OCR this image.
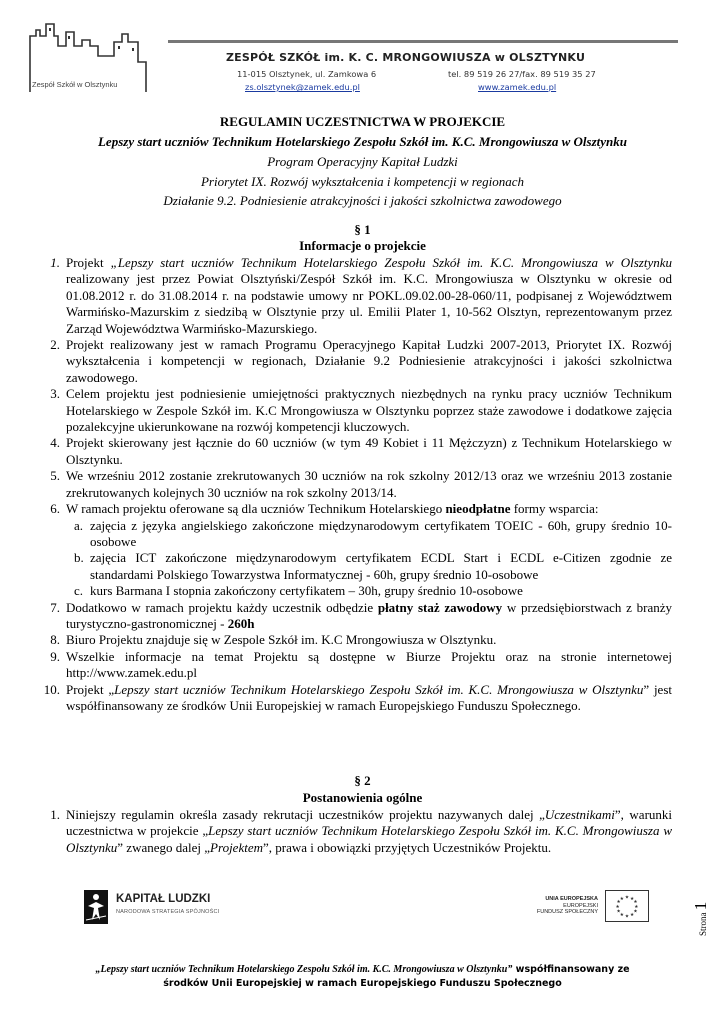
Zespół Szkół w Olsztynku
ZESPÓŁ SZKÓŁ im. K. C. MRONGOWIUSZA w OLSZTYNKU
11-015 Olsztynek, ul. Zamkowa 6	tel. 89 519 26 27/fax. 89 519 35 27
zs.olsztynek@zamek.edu.pl	www.zamek.edu.pl
REGULAMIN UCZESTNICTWA W PROJEKCIE
Lepszy start uczniów Technikum Hotelarskiego Zespołu Szkół im. K.C. Mrongowiusza w Olsztynku
Program Operacyjny Kapitał Ludzki
Priorytet IX. Rozwój wykształcenia i kompetencji w regionach
Działanie 9.2. Podniesienie atrakcyjności i jakości szkolnictwa zawodowego
§ 1
Informacje o projekcie
1. Projekt „Lepszy start uczniów Technikum Hotelarskiego Zespołu Szkół im. K.C. Mrongowiusza w Olsztynku realizowany jest przez Powiat Olsztyński/Zespół Szkół im. K.C. Mrongowiusza w Olsztynku w okresie od 01.08.2012 r. do 31.08.2014 r. na podstawie umowy nr POKL.09.02.00-28-060/11, podpisanej z Województwem Warmińsko-Mazurskim z siedzibą w Olsztynie przy ul. Emilii Plater 1, 10-562 Olsztyn, reprezentowanym przez Zarząd Województwa Warmińsko-Mazurskiego.
2. Projekt realizowany jest w ramach Programu Operacyjnego Kapitał Ludzki 2007-2013, Priorytet IX. Rozwój wykształcenia i kompetencji w regionach, Działanie 9.2 Podniesienie atrakcyjności i jakości szkolnictwa zawodowego.
3. Celem projektu jest podniesienie umiejętności praktycznych niezbędnych na rynku pracy uczniów Technikum Hotelarskiego w Zespole Szkół im. K.C Mrongowiusza w Olsztynku poprzez staże zawodowe i dodatkowe zajęcia pozalekcyjne ukierunkowane na rozwój kompetencji kluczowych.
4. Projekt skierowany jest łącznie do 60 uczniów (w tym 49 Kobiet i 11 Mężczyzn) z Technikum Hotelarskiego w Olsztynku.
5. We wrześniu 2012 zostanie zrekrutowanych 30 uczniów na rok szkolny 2012/13 oraz we wrześniu 2013 zostanie zrekrutowanych kolejnych 30 uczniów na rok szkolny 2013/14.
6. W ramach projektu oferowane są dla uczniów Technikum Hotelarskiego nieodpłatne formy wsparcia:
a. zajęcia z języka angielskiego zakończone międzynarodowym certyfikatem TOEIC - 60h, grupy średnio 10-osobowe
b. zajęcia ICT zakończone międzynarodowym certyfikatem ECDL Start i ECDL e-Citizen zgodnie ze standardami Polskiego Towarzystwa Informatycznej - 60h, grupy średnio 10-osobowe
c. kurs Barmana I stopnia zakończony certyfikatem – 30h, grupy średnio 10-osobowe
7. Dodatkowo w ramach projektu każdy uczestnik odbędzie płatny staż zawodowy w przedsiębiorstwach z branży turystyczno-gastronomicznej - 260h
8. Biuro Projektu znajduje się w Zespole Szkół im. K.C Mrongowiusza w Olsztynku.
9. Wszelkie informacje na temat Projektu są dostępne w Biurze Projektu oraz na stronie internetowej http://www.zamek.edu.pl
10. Projekt „Lepszy start uczniów Technikum Hotelarskiego Zespołu Szkół im. K.C. Mrongowiusza w Olsztynku” jest współfinansowany ze środków Unii Europejskiej w ramach Europejskiego Funduszu Społecznego.
§ 2
Postanowienia ogólne
1. Niniejszy regulamin określa zasady rekrutacji uczestników projektu nazywanych dalej „Uczestnikami”, warunki uczestnictwa w projekcie „Lepszy start uczniów Technikum Hotelarskiego Zespołu Szkół im. K.C. Mrongowiusza w Olsztynku” zwanego dalej „Projektem”, prawa i obowiązki przyjętych Uczestników Projektu.
KAPITAŁ LUDZKI
NARODOWA STRATEGIA SPÓJNOŚCI
UNIA EUROPEJSKA
EUROPEJSKI
FUNDUSZ SPOŁECZNY
★ ★
★
★
★
★
★
★
★
★
★
★
Strona 1
„Lepszy start uczniów Technikum Hotelarskiego Zespołu Szkół im. K.C. Mrongowiusza w Olsztynku” współfinansowany ze
środków Unii Europejskiej w ramach Europejskiego Funduszu Społecznego
